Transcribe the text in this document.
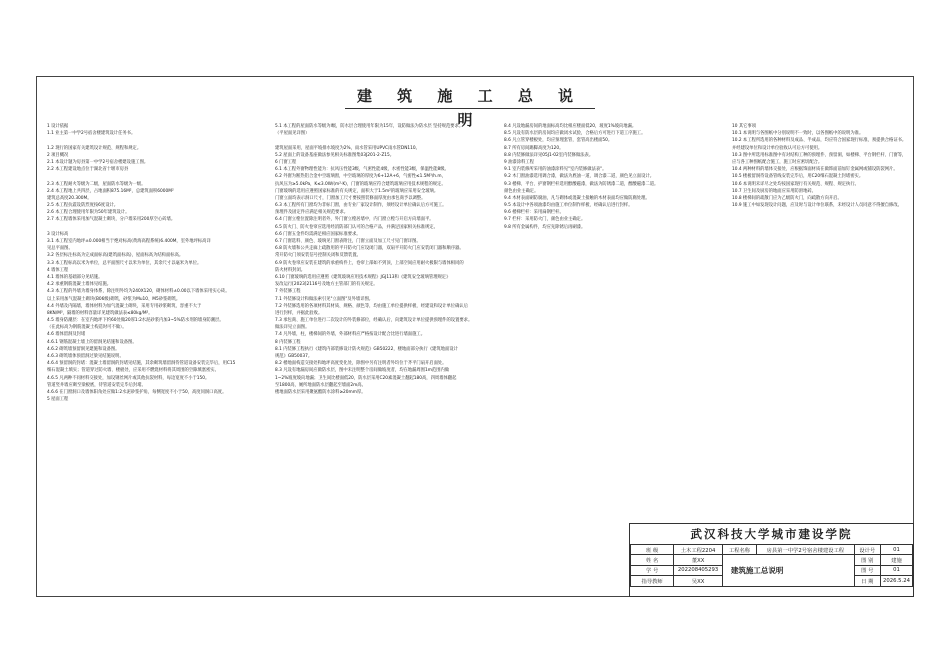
建 筑 施 工 总 说 明
1 设计依据
1.1 业主第一中学2号宿舍楼建筑设计任务书。
1.2 现行的国家有关建筑设计规范、规程和规定。
2 项目概况
2.1 本设计题为房县第一中学2号宿舍楼建设施工图。
2.2 本工程建设地点位于湖北省十堰市房县
2.3 本工程耐火等级为二级，屋面防水等级为一级。
2.4 本工程地上共四层，占地面积875.16M²，总建筑面积6000M²
建筑总高度20.300M。
2.5 本工程抗震设防烈度按6度设计。
2.6 本工程合理使用年限为50年建筑设计。
2.7 本工程墙体采用加气混凝土砌块，分户墙采用200厚空心砖墙。
3 设计标高
3.1 本工程室内地坪±0.000相当于绝对标高(黄海高程系统)6.400M，室外地坪标高详
见总平面图。
3.2 各层标注标高为完成面标高(建筑面标高)，屋面标高为结构面标高。
3.3 本工程标高以米为单位，总平面图尺寸以米为单位，其余尺寸以毫米为单位。
4 墙体工程
4.1 墙体的基础部分见结施。
4.2 承重钢筋混凝土墙体见结施。
4.3 本工程的外墙为墙身体系，除注明外均为240X120，砌体材料±0.00以下墙体采用实心砖。
以上采用加气混凝土砌块(B06级)砌筑，砂浆为Mu10、M5砂浆砌筑。
4.4 外墙及内隔墙，墙体材料为加气混凝土砌块，采用专用砂浆砌筑，容重不大于
8KN/M³，隔墙的材料容量详见建筑做法表≤80kg/M²。
4.5 墙身防潮层：在室内地坪下约60处做20厚1:2水泥砂浆内加3~5%防水剂的墙身防潮层。
（在此标高为钢筋混凝土构造时可不做）。
4.6 墙体留洞及封堵
4.6.1 钢筋混凝土墙上的留洞见结施和设备图。
4.6.2 砌筑墙预留洞见建施和设备图。
4.6.3 砌筑墙体预留洞过梁见结施说明。
4.6.4 预留洞的封堵：混凝土墙留洞的封堵见结施，其余砌筑墙留洞待管道设备安装完毕后，用C15
细石混凝土填实；管道穿过防火墙、楼板处，应采用不燃烧材料将其周围的空隙填塞密实。
4.6.5 凡两种不同材料交接处，加设钢丝网片或其他抗裂材料，每边宽度不小于150。
管道竖井墙应砌至梁板底，待管道安装完毕后封堵。
4.6.6 在门窗洞口及墙体阳角处应做1:2水泥砂浆护角，每侧宽度不小于50，高度同洞口高度。
5 屋面工程
5.1 本工程的屋面防水等级为I级，防水层合理使用年限为15年，设防做法为防水层 坚持规范要求。
（平屋面见详图）
建筑屋面采用，屋面平坡排水坡度为2%，雨水管采用UPVC雨水管DN110。
5.2 屋面上的设备基座做法参见相关标准图集03J201-2-Z15。
6 门窗工程
6.1 本工程外窗物理性能为：抗风压性能3级，气密性能4级，水密性能3级，保温性能8级。
6.2 外窗为断热铝合金中空玻璃窗，中空玻璃的厚度为6+12A+6，气密性≤1.5M³/h.m，
抗风压为≥5.0kPa，K≤3.0W/(m²·K)，门窗的玻璃应符合建筑玻璃应用技术规程的规定。
门窗玻璃的选用应遵照国家标准的有关规定，面积大于1.5m²的玻璃应采用安全玻璃。
门窗立面均表示洞口尺寸，门窗加工尺寸要按照装修面厚度由承包商予以调整。
6.3 本工程所有门窗均为非标门窗，由专业厂家设计制作，须经设计单位确认后方可施工。
预埋件及固定件应满足相关规范要求。
6.4 门窗立樘位置除注明者外，外门窗立樘居墙中，内门窗立樘与开启方向墙面平。
6.5 防火门、防火卷帘应选用经消防部门认可的合格产品，并满足国家相关标准规定。
6.6 门窗五金件均需满足相应国家标准要求。
6.7 门窗选料、颜色、玻璃见门窗表附注，门窗立面及加工尺寸见门窗详图。
6.8 防火墙和公共走廊上疏散用的平开防火门应设闭门器，双扇平开防火门应安装闭门器和顺序器。
常开防火门须安装信号控制关闭和反馈装置。
6.9 防火卷帘应安装在建筑的承重构件上，卷帘上部如不到顶，上部空间应用耐火极限与墙体相同的
防火材料封闭。
6.10 门窗玻璃的选用应遵照《建筑玻璃应用技术规程》JGJ113和《建筑安全玻璃管理规定》
发改运行[2023]2116号及地方主管部门的有关规定。
7 外装修工程
7.1 外装修设计和做法索引见"立面图"及外墙详图。
7.2 外装修选用的各项材料其材质、规格、颜色等，均由施工单位提供样板，经建设和设计单位确认后
进行封样，并据此验收。
7.3 承包商、施工单位进行二次设计的外装修部位，经确认后，向建筑设计单位提供预埋件的设置要求。
做法详见立面图。
7.4 凡外墙，柱，楼梯间的外墙，外部材料应严格按设计配合比进行墙面施工。
8 内装修工程
8.1 内装修工程执行《建筑内部装修设计防火规范》GB50222，楼地面部分执行《建筑地面设计
规范》GB50037。
8.2 楼地面构造交接处和地坪高度变化处，除图中另有注明者外均位于齐平门扇开启面处。
8.3 凡设有地漏房间应做防水层，图中未注明整个房间做坡度者，均在地漏周围1m范围内做
1~2%坡度坡向地漏；卫生间比楼面低20，防水层采用C20素混凝土翻起180高，四周墙体翻起
至1800高，厕所地面防水层翻起至墙面2m高。
楼地面防水层采用聚氨酯防水涂料≥20mm厚。
8.4 凡设地漏房间的地面标高均比相应楼面低20，坡度1%坡向地漏。
8.5 凡设有防水层的房间均应做闭水试验，合格后方可进行下道工序施工。
8.6 凡立管穿楼板处，均应预埋套管，套管高出楼面50。
8.7 所有房间踢脚高度为120。
8.8 内装修做法详见05J1-02室内装修做法表。
9 油漆涂料工程
9.1 室内装修所采用的油漆涂料见"室内装修做法表"。
9.2 木门窗油漆选用调合漆，做法为底油一道，调合漆二道，颜色见立面设计。
9.3 楼梯、平台、护窗钢栏杆选用醇酸磁漆，做法为防锈漆二道，醇酸磁漆二道。
颜色由业主确定。
9.4 木材表面刷防腐油，凡与砌体或混凝土接触的木材表面均应做防腐处理。
9.5 本设计中各项油漆均由施工单位制作样板，经确认后进行封样。
9.6 楼梯栏杆：采用扁钢栏杆。
9.7 栏杆：采用防火门，颜色由业主确定。
9.8 所有金属构件，均应先除锈后再刷漆。
10 其它事项
10.1 本说明与各图纸中分别说明不一致时，以各图纸中的说明为准。
10.2 本工程所选用的各种材料及成品、半成品，均应符合国家现行标准，须提供合格证书。
并经建设单位和设计单位验收认可后方可使用。
10.3 图中所选用标准图中有对结构工种的预埋件、预留洞，如楼梯、平台钢栏杆、门窗等，
应与各工种图纸配合施工，施工时应密切配合。
10.4 两种材料的墙体交接处，应根据饰面材质在做饰面前加钉金属网或铺设防裂网片。
10.5 楼板留洞待设备管线安装完毕后，用C20细石混凝土封堵密实。
10.6 本说明未详尽之处均按国家现行有关规范、规程、规定执行。
10.7 卫生间及厨房的地面应采用防滑地砖。
10.8 楼梯间的疏散门应为乙级防火门，向疏散方向开启。
10.9 施工中如发现设计问题，应及时与设计单位联系，未经设计人员同意不得擅自修改。
武汉科技大学城市建设学院
班 级	土木工程2204	工程名称	房县第一中学2号宿舍楼建设工程	设计号	01
姓 名	董XX	建筑施工总说明		图 别	建施
学 号	202208405293			图 号	01
指导教师	吴XX			日 期	2026.5.24
